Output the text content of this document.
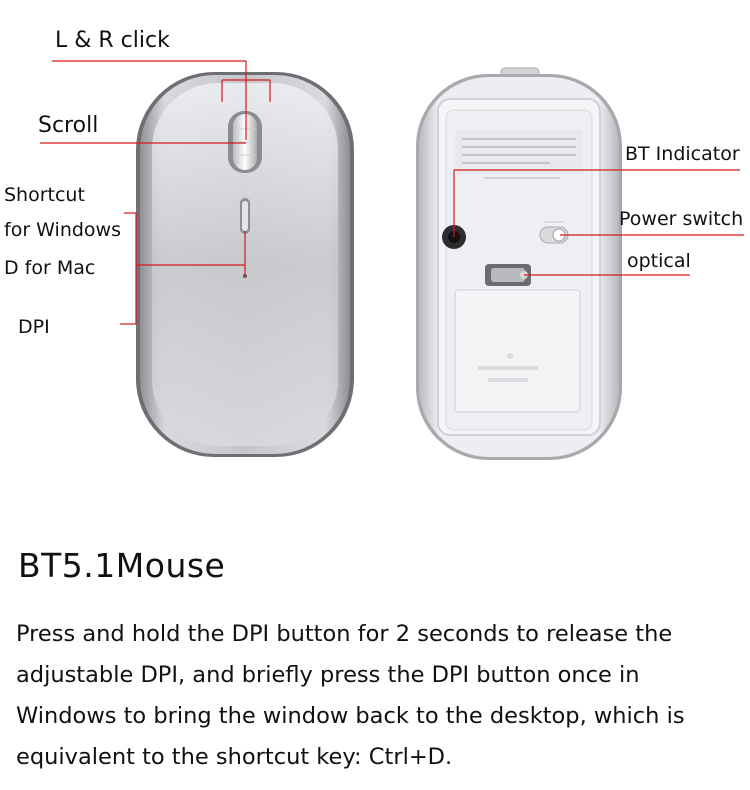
L & R click
Scroll
Shortcut
for Windows
D for Mac
DPI
BT Indicator
Power switch
optical
BT5.1Mouse
Press and hold the DPI button for 2 seconds to release the adjustable DPI, and briefly press the DPI button once in Windows to bring the window back to the desktop, which is equivalent to the shortcut key: Ctrl+D.
